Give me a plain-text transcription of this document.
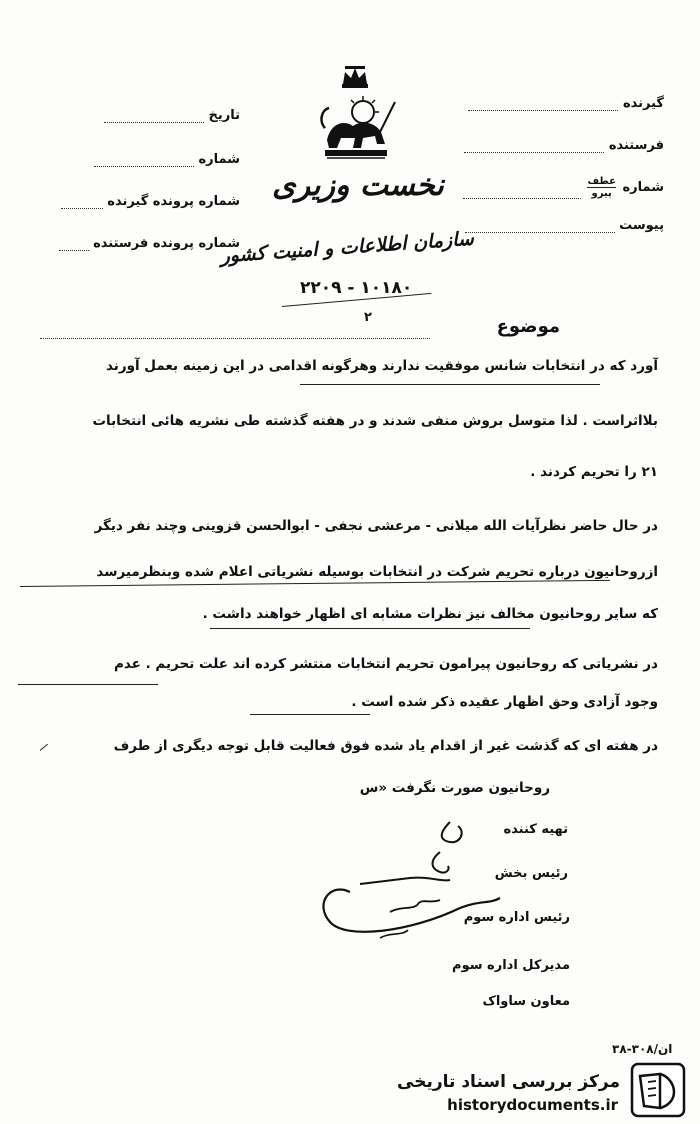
گیرنده
فرستنده
شماره
عطف
پیرو

پیوست
تاریخ
شماره
شماره پرونده گیرنده
شماره پرونده فرستنده
نخست وزیری
سازمان اطلاعات و امنیت کشور
۲۲۰۹ - ۱۰۱۸۰
۲	موضوع
آورد که در انتخابات شانس موفقیت ندارند وهرگونه اقدامی در این زمینه بعمل آورند
بلااثراست . لذا متوسل بروش منفی شدند و در هفته گذشته طی نشریه هائی انتخابات
۲۱ را تحریم کردند .
در حال حاضر نظرآیات الله میلانی - مرعشی نجفی - ابوالحسن قزوینی وچند نفر دیگر
ازروحانیون درباره تحریم شرکت در انتخابات بوسیله نشریاتی اعلام شده وبنظرمیرسد
که سایر روحانیون مخالف نیز نظرات مشابه ای اظهار خواهند داشت .
در نشریاتی که روحانیون پیرامون تحریم انتخابات منتشر کرده اند علت تحریم . عدم
وجود آزادی وحق اظهار عقیده ذکر شده است .
در هفته ای که گذشت غیر از اقدام یاد شده فوق فعالیت قابل توجه دیگری از طرف
روحانیون صورت نگرفت «س
تهیه کننده
رئیس بخش
رئیس اداره سوم
مدیرکل اداره سوم
معاون ساواک
۳۸-۳۰۸/ان
مرکز بررسی اسناد تاریخی
historydocuments.ir
